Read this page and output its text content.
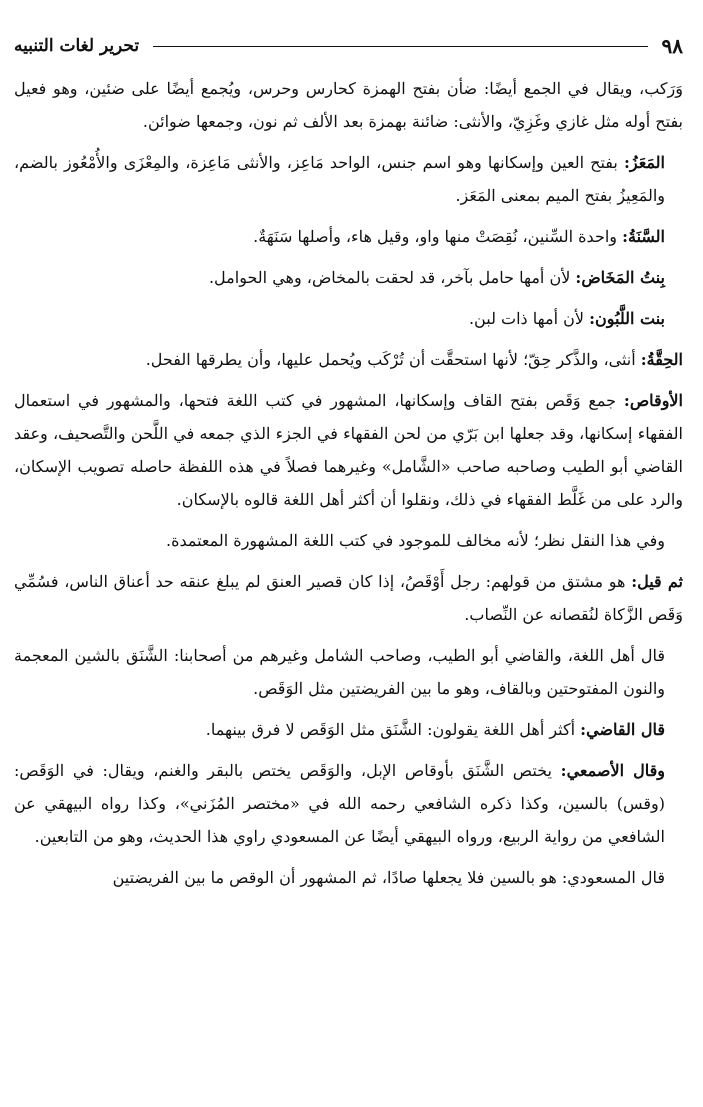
٩٨
تحرير لغات التنبيه

وَرَكب، ويقال في الجمع أيضًا: ضأن بفتح الهمزة كحارس وحرس، ويُجمع أيضًا على ضئين، وهو فعيل بفتح أوله مثل غازي وغَزِيّ، والأنثى: ضائنة بهمزة بعد الألف ثم نون، وجمعها ضوائن.

المَعَزُ: بفتح العين وإسكانها وهو اسم جنس، الواحد مَاعِز، والأنثى مَاعِزة، والمِعْزَى والأُمْعُوز بالضم، والمَعِيزُ بفتح الميم بمعنى المَعَز.

السَّنَةُ: واحدة السِّنين، نُقِصَتْ منها واو، وقيل هاء، وأصلها سَنَهَةٌ.

بِنتُ المَخَاض: لأن أمها حامل بآخر، قد لحقت بالمخاض، وهي الحوامل.

بنت اللَّبُون: لأن أمها ذات لبن.

الحِقَّةُ: أنثى، والذَّكر حِقّ؛ لأنها استحقَّت أن تُرْكَب ويُحمل عليها، وأن يطرقها الفحل.

الأوقاص: جمع وَقَص بفتح القاف وإسكانها، المشهور في كتب اللغة فتحها، والمشهور في استعمال الفقهاء إسكانها، وقد جعلها ابن بَرّي من لحن الفقهاء في الجزء الذي جمعه في اللَّحن والتَّصحيف، وعقد القاضي أبو الطيب وصاحبه صاحب «الشَّامل» وغيرهما فصلاً في هذه اللفظة حاصله تصويب الإسكان، والرد على من غَلَّط الفقهاء في ذلك، ونقلوا أن أكثر أهل اللغة قالوه بالإسكان.

وفي هذا النقل نظر؛ لأنه مخالف للموجود في كتب اللغة المشهورة المعتمدة.

ثم قيل: هو مشتق من قولهم: رجل أَوْقَصُ، إذا كان قصير العنق لم يبلغ عنقه حد أعناق الناس، فسُمِّي وَقَص الزَّكاة لنُقصانه عن النِّصاب.

قال أهل اللغة، والقاضي أبو الطيب، وصاحب الشامل وغيرهم من أصحابنا: الشَّنَق بالشين المعجمة والنون المفتوحتين وبالقاف، وهو ما بين الفريضتين مثل الوَقَص.

قال القاضي: أكثر أهل اللغة يقولون: الشَّنَق مثل الوَقَص لا فرق بينهما.

وقال الأصمعي: يختص الشَّنَق بأوقاص الإبل، والوَقَص يختص بالبقر والغنم، ويقال: في الوَقَص: (وقس) بالسين، وكذا ذكره الشافعي رحمه الله في «مختصر المُزَني»، وكذا رواه البيهقي عن الشافعي من رواية الربيع، ورواه البيهقي أيضًا عن المسعودي راوي هذا الحديث، وهو من التابعين.

قال المسعودي: هو بالسين فلا يجعلها صادًا، ثم المشهور أن الوقص ما بين الفريضتين
